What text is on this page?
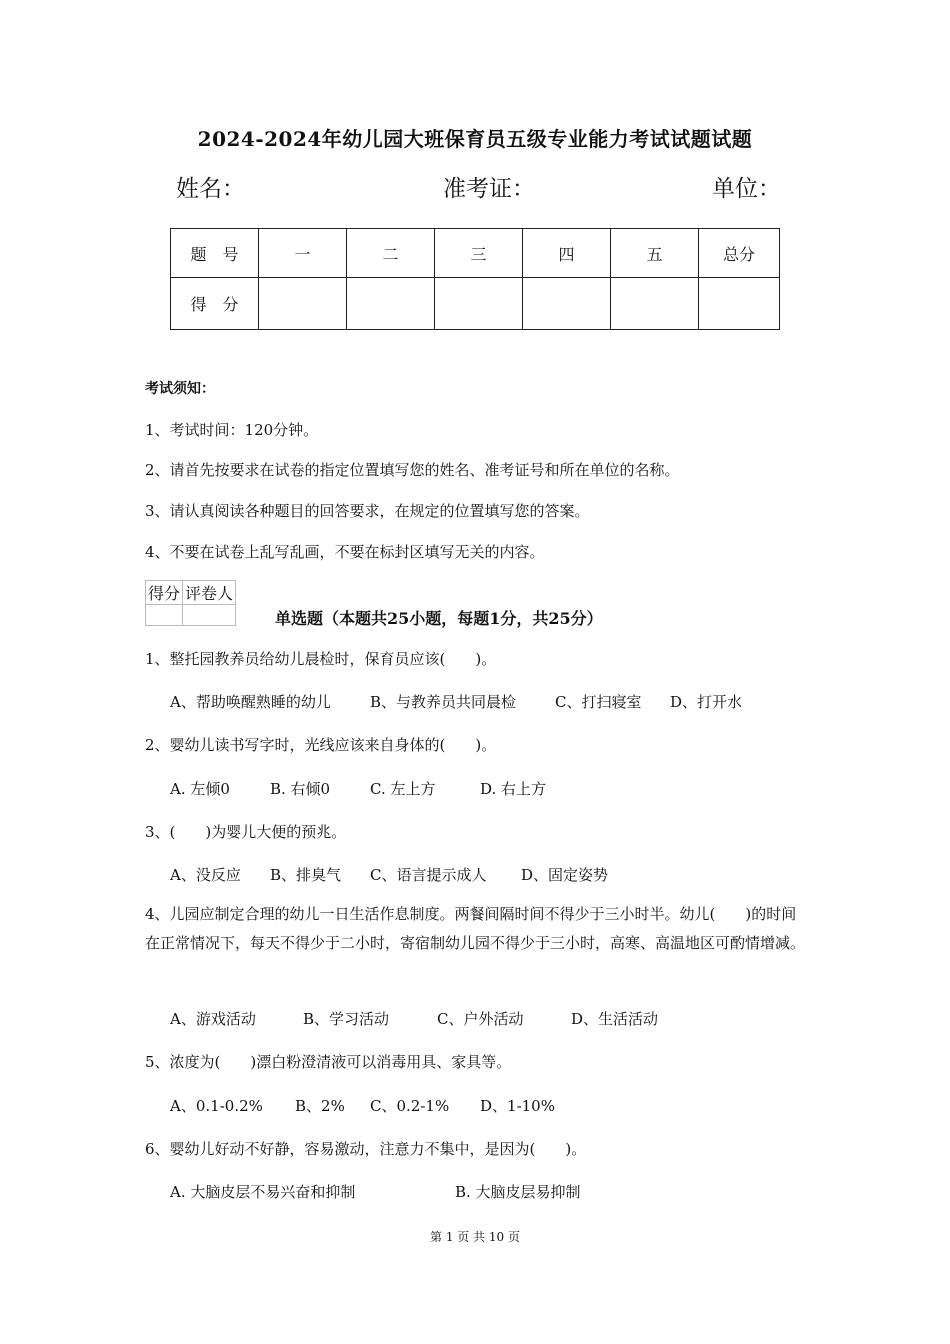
2024-2024年幼儿园大班保育员五级专业能力考试试题试题
姓名：	准考证：	单位：
题　号	一	二	三	四	五	总分
得　分						
考试须知：
1、考试时间：120分钟。
2、请首先按要求在试卷的指定位置填写您的姓名、准考证号和所在单位的名称。
3、请认真阅读各种题目的回答要求，在规定的位置填写您的答案。
4、不要在试卷上乱写乱画，不要在标封区填写无关的内容。
得分	评卷人

单选题（本题共25小题，每题1分，共25分）
1、整托园教养员给幼儿晨检时，保育员应该(　　)。
A、帮助唤醒熟睡的幼儿	B、与教养员共同晨检	C、打扫寝室 D、打开水
2、婴幼儿读书写字时，光线应该来自身体的(　　)。
A. 左倾0	B. 右倾0	C. 左上方	D. 右上方
3、(　　)为婴儿大便的预兆。
A、没反应 B、排臭气 C、语言提示成人 D、固定姿势
4、儿园应制定合理的幼儿一日生活作息制度。两餐间隔时间不得少于三小时半。幼儿(　　)的时间在正常情况下，每天不得少于二小时，寄宿制幼儿园不得少于三小时，高寒、高温地区可酌情增减。
A、游戏活动	B、学习活动	C、户外活动	D、生活活动
5、浓度为(　　)漂白粉澄清液可以消毒用具、家具等。
A、0.1-0.2% B、2% C、0.2-1% D、1-10%
6、婴幼儿好动不好静，容易激动，注意力不集中，是因为(　　)。
A. 大脑皮层不易兴奋和抑制	B. 大脑皮层易抑制
第 1 页 共 10 页
